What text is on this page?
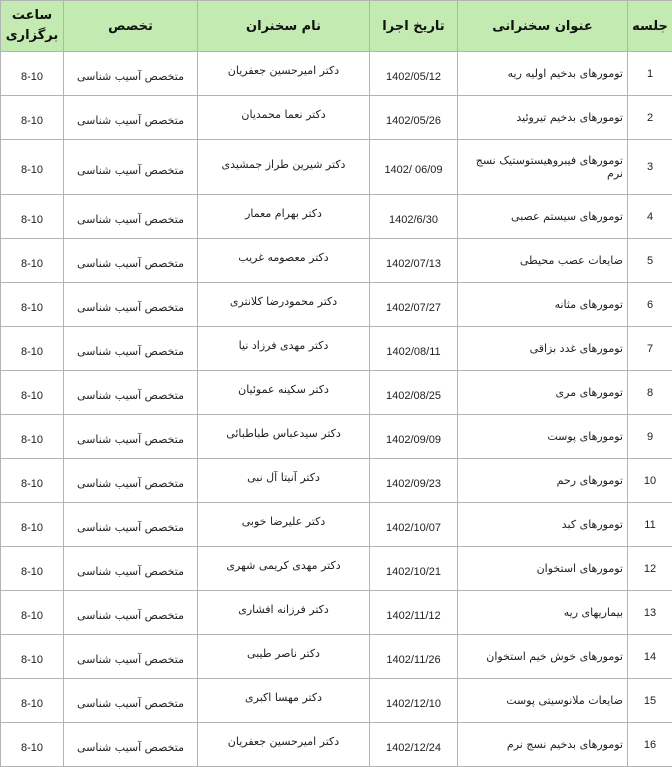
جلسه	عنوان سخنرانی	تاریخ اجرا	نام سخنران	تخصص	ساعت برگزاری
1	تومورهای بدخیم اولیه ریه	1402/05/12	دکتر امیرحسین جعفریان	متخصص آسیب شناسی	8-10
2	تومورهای بدخیم تیروئید	1402/05/26	دکتر نعما محمدیان	متخصص آسیب شناسی	8-10
3	تومورهای فیبروهیستوستیک نسج نرم	1402/ 06/09	دکتر شیرین طراز جمشیدی	متخصص آسیب شناسی	8-10
4	تومورهای سیستم عصبی	1402/6/30	دکتر بهرام معمار	متخصص آسیب شناسی	8-10
5	ضایعات عصب محیطی	1402/07/13	دکتر معصومه غریب	متخصص آسیب شناسی	8-10
6	تومورهای مثانه	1402/07/27	دکتر محمودرضا کلانتری	متخصص آسیب شناسی	8-10
7	تومورهای غدد بزاقی	1402/08/11	دکتر مهدی فرزاد نیا	متخصص آسیب شناسی	8-10
8	تومورهای مری	1402/08/25	دکتر سکینه عموئیان	متخصص آسیب شناسی	8-10
9	تومورهای پوست	1402/09/09	دکتر سیدعباس طباطبائی	متخصص آسیب شناسی	8-10
10	تومورهای رحم	1402/09/23	دکتر آنیتا آل نبی	متخصص آسیب شناسی	8-10
11	تومورهای کبد	1402/10/07	دکتر علیرضا خوبی	متخصص آسیب شناسی	8-10
12	تومورهای استخوان	1402/10/21	دکتر مهدی کریمی شهری	متخصص آسیب شناسی	8-10
13	بیماریهای ریه	1402/11/12	دکتر فرزانه افشاری	متخصص آسیب شناسی	8-10
14	تومورهای خوش خیم استخوان	1402/11/26	دکتر ناصر طیبی	متخصص آسیب شناسی	8-10
15	ضایعات ملانوسیتی پوست	1402/12/10	دکتر مهسا اکبری	متخصص آسیب شناسی	8-10
16	تومورهای بدخیم نسج نرم	1402/12/24	دکتر امیرحسین جعفریان	متخصص آسیب شناسی	8-10
